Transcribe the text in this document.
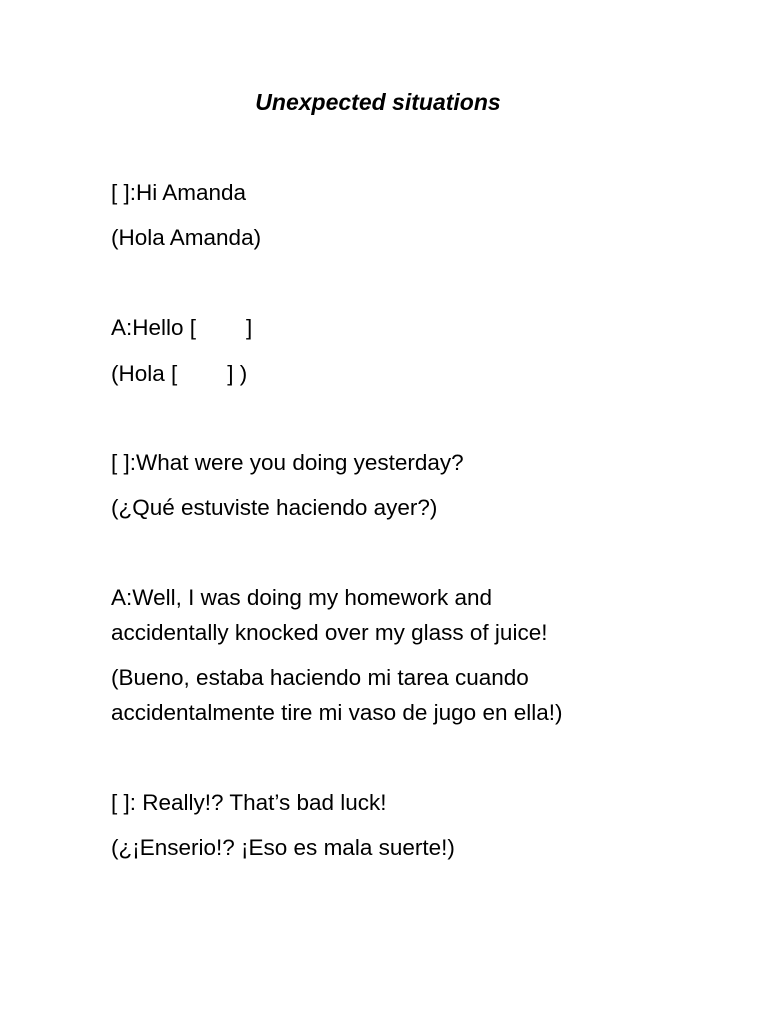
Unexpected situations

[ ]:Hi Amanda

(Hola Amanda)

A:Hello [        ]

(Hola [        ] )

[ ]:What were you doing yesterday?

(¿Qué estuviste haciendo ayer?)

A:Well, I was doing my homework and

accidentally knocked over my glass of juice!

(Bueno, estaba haciendo mi tarea cuando

accidentalmente tire mi vaso de jugo en ella!)

[ ]: Really!? That’s bad luck!

(¿¡Enserio!? ¡Eso es mala suerte!)
